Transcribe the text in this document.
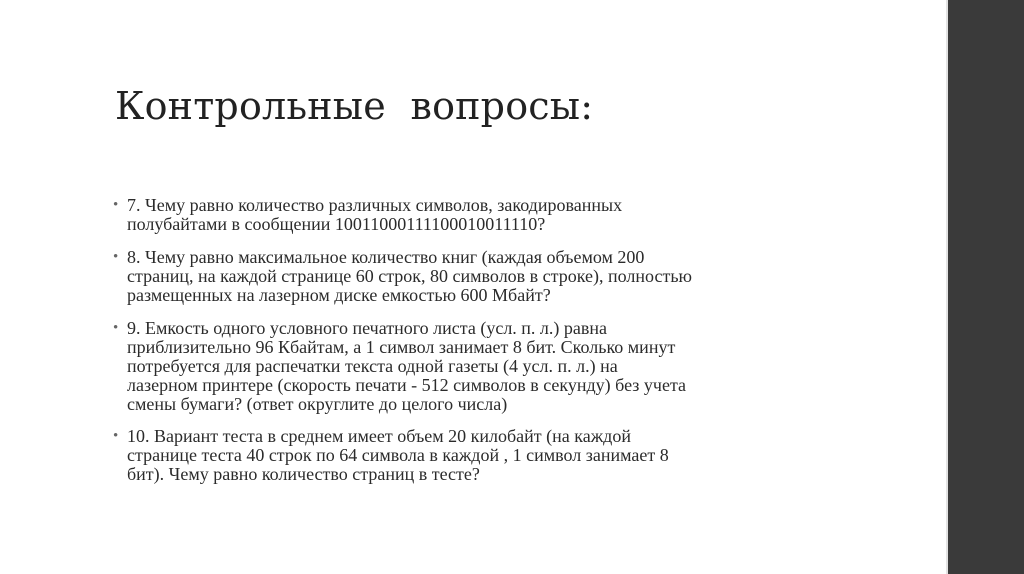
Контрольные  вопросы:
• 7. Чему равно количество различных символов, закодированных
полубайтами в сообщении 10011000111100010011110?
• 8. Чему равно максимальное количество книг (каждая объемом 200
страниц, на каждой странице 60 строк, 80 символов в строке), полностью
размещенных на лазерном диске емкостью 600 Мбайт?
• 9. Емкость одного условного печатного листа (усл. п. л.) равна
приблизительно 96 Кбайтам, а 1 символ занимает 8 бит. Сколько минут
потребуется для распечатки текста одной газеты (4 усл. п. л.) на
лазерном принтере (скорость печати - 512 символов в секунду) без учета
смены бумаги? (ответ округлите до целого числа)
• 10. Вариант теста в среднем имеет объем 20 килобайт (на каждой
странице теста 40 строк по 64 символа в каждой , 1 символ занимает 8
бит). Чему равно количество страниц в тесте?
